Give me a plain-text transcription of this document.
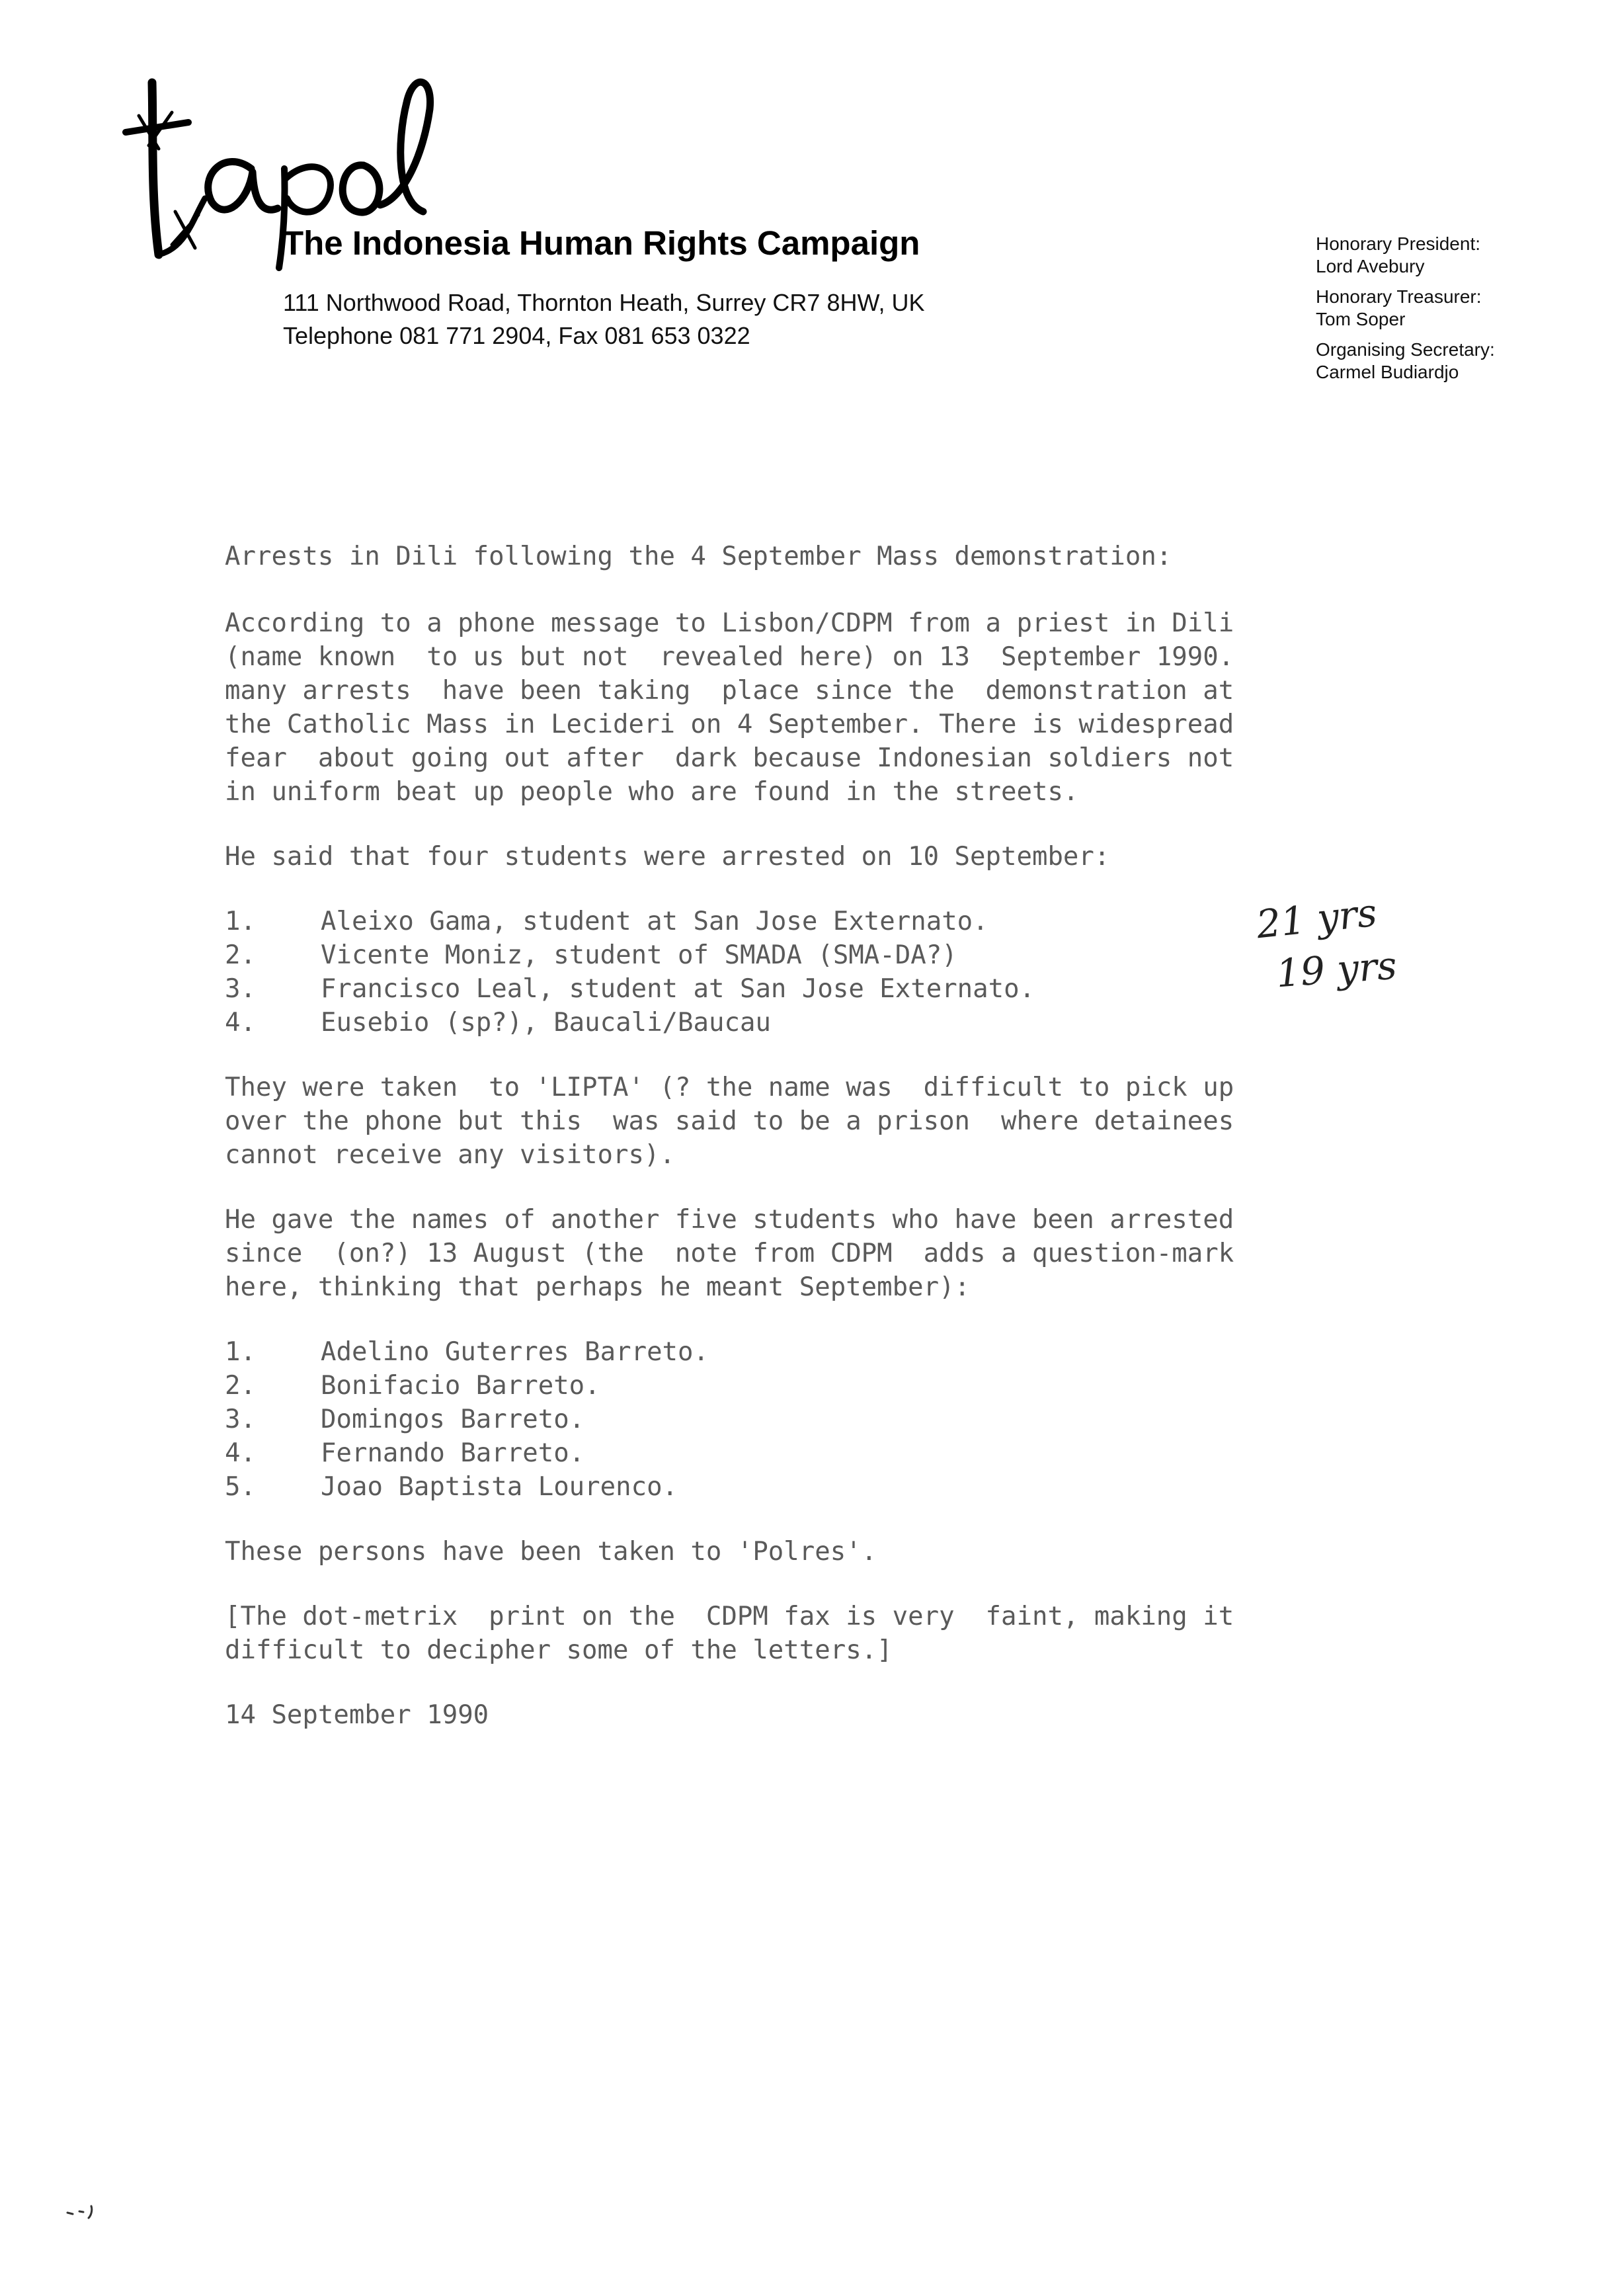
The Indonesia Human Rights Campaign
111 Northwood Road, Thornton Heath, Surrey CR7 8HW, UK
Telephone 081 771 2904, Fax 081 653 0322
Honorary President:
Lord Avebury
Honorary Treasurer:
Tom Soper
Organising Secretary:
Carmel Budiardjo

Arrests in Dili following the 4 September Mass demonstration:

According to a phone message to Lisbon/CDPM from a priest in Dili

(name known  to us but not  revealed here) on 13  September 1990.

many arrests  have been taking  place since the  demonstration at

the Catholic Mass in Lecideri on 4 September. There is widespread

fear  about going out after  dark because Indonesian soldiers not

in uniform beat up people who are found in the streets.

He said that four students were arrested on 10 September:

1.	Aleixo Gama, student at San Jose Externato.
2.	Vicente Moniz, student of SMADA (SMA-DA?)
3.	Francisco Leal, student at San Jose Externato.
4.	Eusebio (sp?), Baucali/Baucau

They were taken  to 'LIPTA' (? the name was  difficult to pick up

over the phone but this  was said to be a prison  where detainees

cannot receive any visitors).

He gave the names of another five students who have been arrested

since  (on?) 13 August (the  note from CDPM  adds a question-mark

here, thinking that perhaps he meant September):

1.	Adelino Guterres Barreto.
2.	Bonifacio Barreto.
3.	Domingos Barreto.
4.	Fernando Barreto.
5.	Joao Baptista Lourenco.

These persons have been taken to 'Polres'.

[The dot-metrix  print on the  CDPM fax is very  faint, making it

difficult to decipher some of the letters.]

14 September 1990

21 yrs
19 yrs
